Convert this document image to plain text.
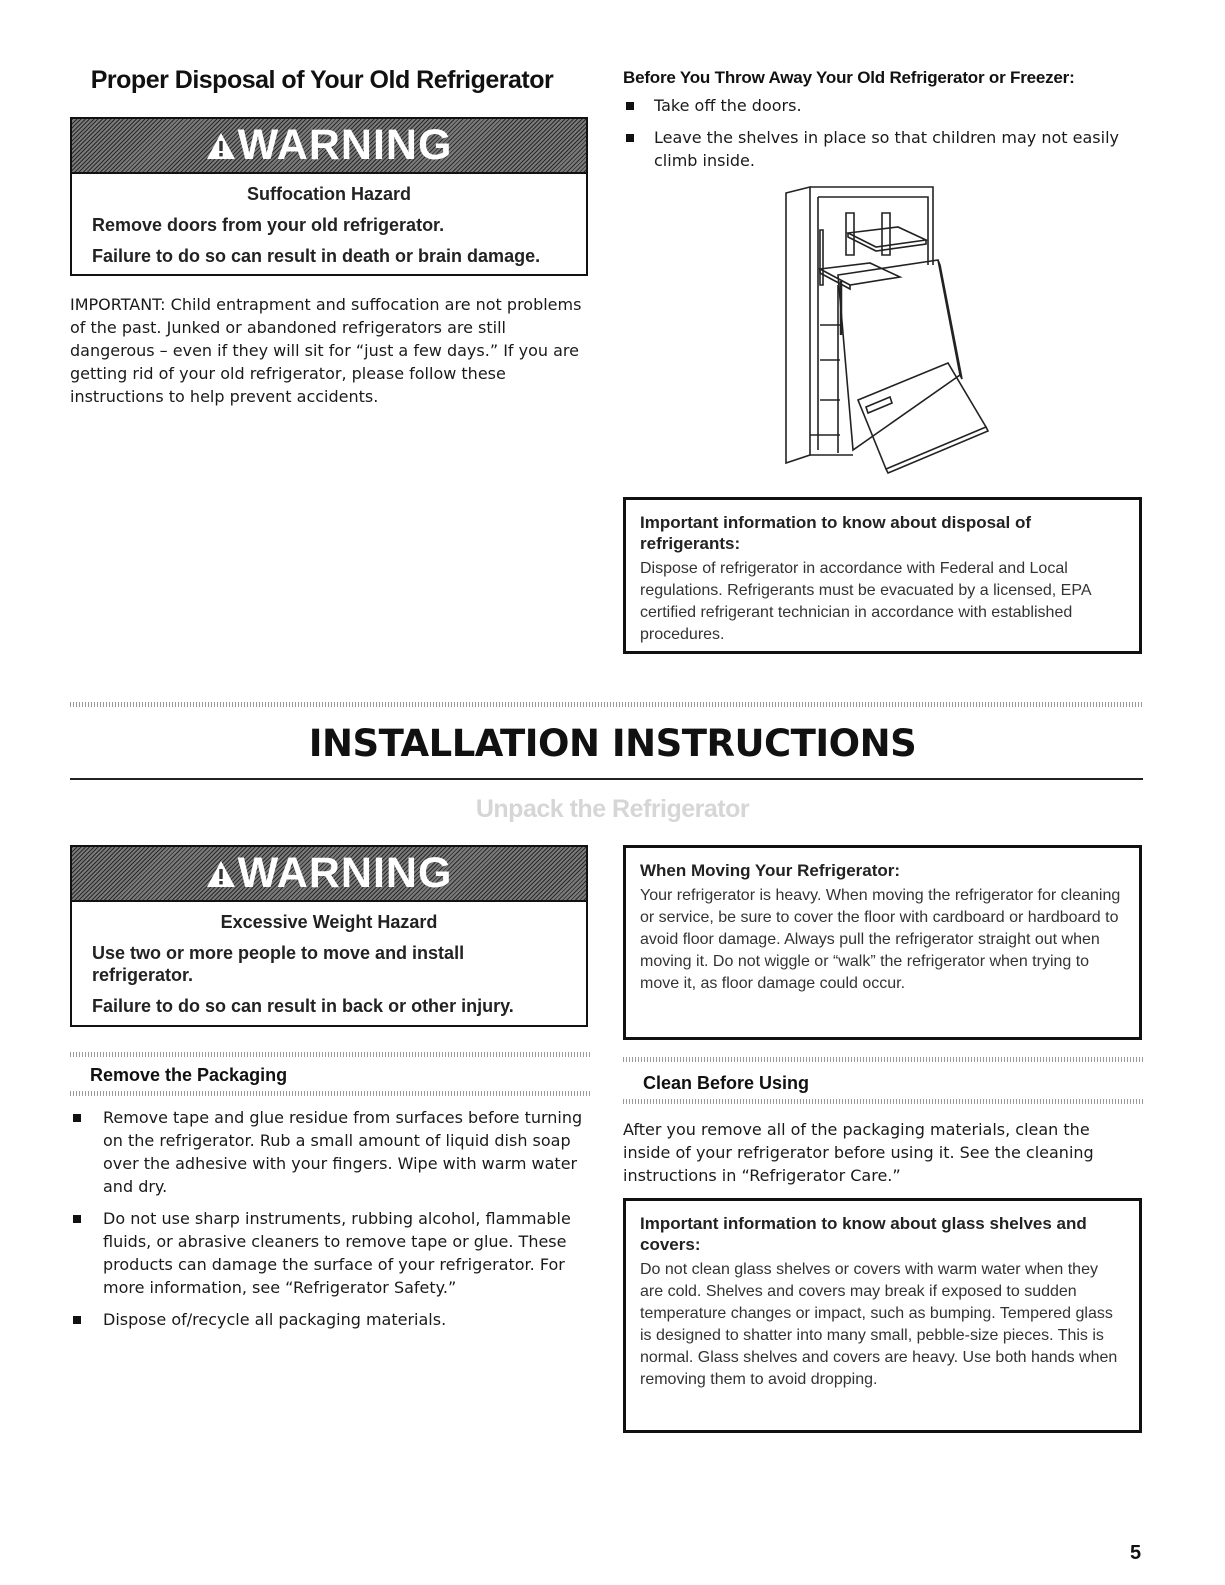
Proper Disposal of Your Old Refrigerator
WARNING
Suffocation Hazard
Remove doors from your old refrigerator.
Failure to do so can result in death or brain damage.
IMPORTANT: Child entrapment and suffocation are not problems of the past. Junked or abandoned refrigerators are still dangerous – even if they will sit for “just a few days.” If you are getting rid of your old refrigerator, please follow these instructions to help prevent accidents.
Before You Throw Away Your Old Refrigerator or Freezer:
Take off the doors.
Leave the shelves in place so that children may not easily climb inside.
Important information to know about disposal of refrigerants:
Dispose of refrigerator in accordance with Federal and Local regulations. Refrigerants must be evacuated by a licensed, EPA certified refrigerant technician in accordance with established procedures.
INSTALLATION INSTRUCTIONS
Unpack the Refrigerator
WARNING
Excessive Weight Hazard
Use two or more people to move and install refrigerator.
Failure to do so can result in back or other injury.
When Moving Your Refrigerator:
Your refrigerator is heavy. When moving the refrigerator for cleaning or service, be sure to cover the floor with cardboard or hardboard to avoid floor damage. Always pull the refrigerator straight out when moving it. Do not wiggle or “walk” the refrigerator when trying to move it, as floor damage could occur.
Remove the Packaging
Remove tape and glue residue from surfaces before turning on the refrigerator. Rub a small amount of liquid dish soap over the adhesive with your fingers. Wipe with warm water and dry.
Do not use sharp instruments, rubbing alcohol, flammable fluids, or abrasive cleaners to remove tape or glue. These products can damage the surface of your refrigerator. For more information, see “Refrigerator Safety.”
Dispose of/recycle all packaging materials.
Clean Before Using
After you remove all of the packaging materials, clean the inside of your refrigerator before using it. See the cleaning instructions in “Refrigerator Care.”
Important information to know about glass shelves and covers:
Do not clean glass shelves or covers with warm water when they are cold. Shelves and covers may break if exposed to sudden temperature changes or impact, such as bumping. Tempered glass is designed to shatter into many small, pebble-size pieces. This is normal. Glass shelves and covers are heavy. Use both hands when removing them to avoid dropping.
5
